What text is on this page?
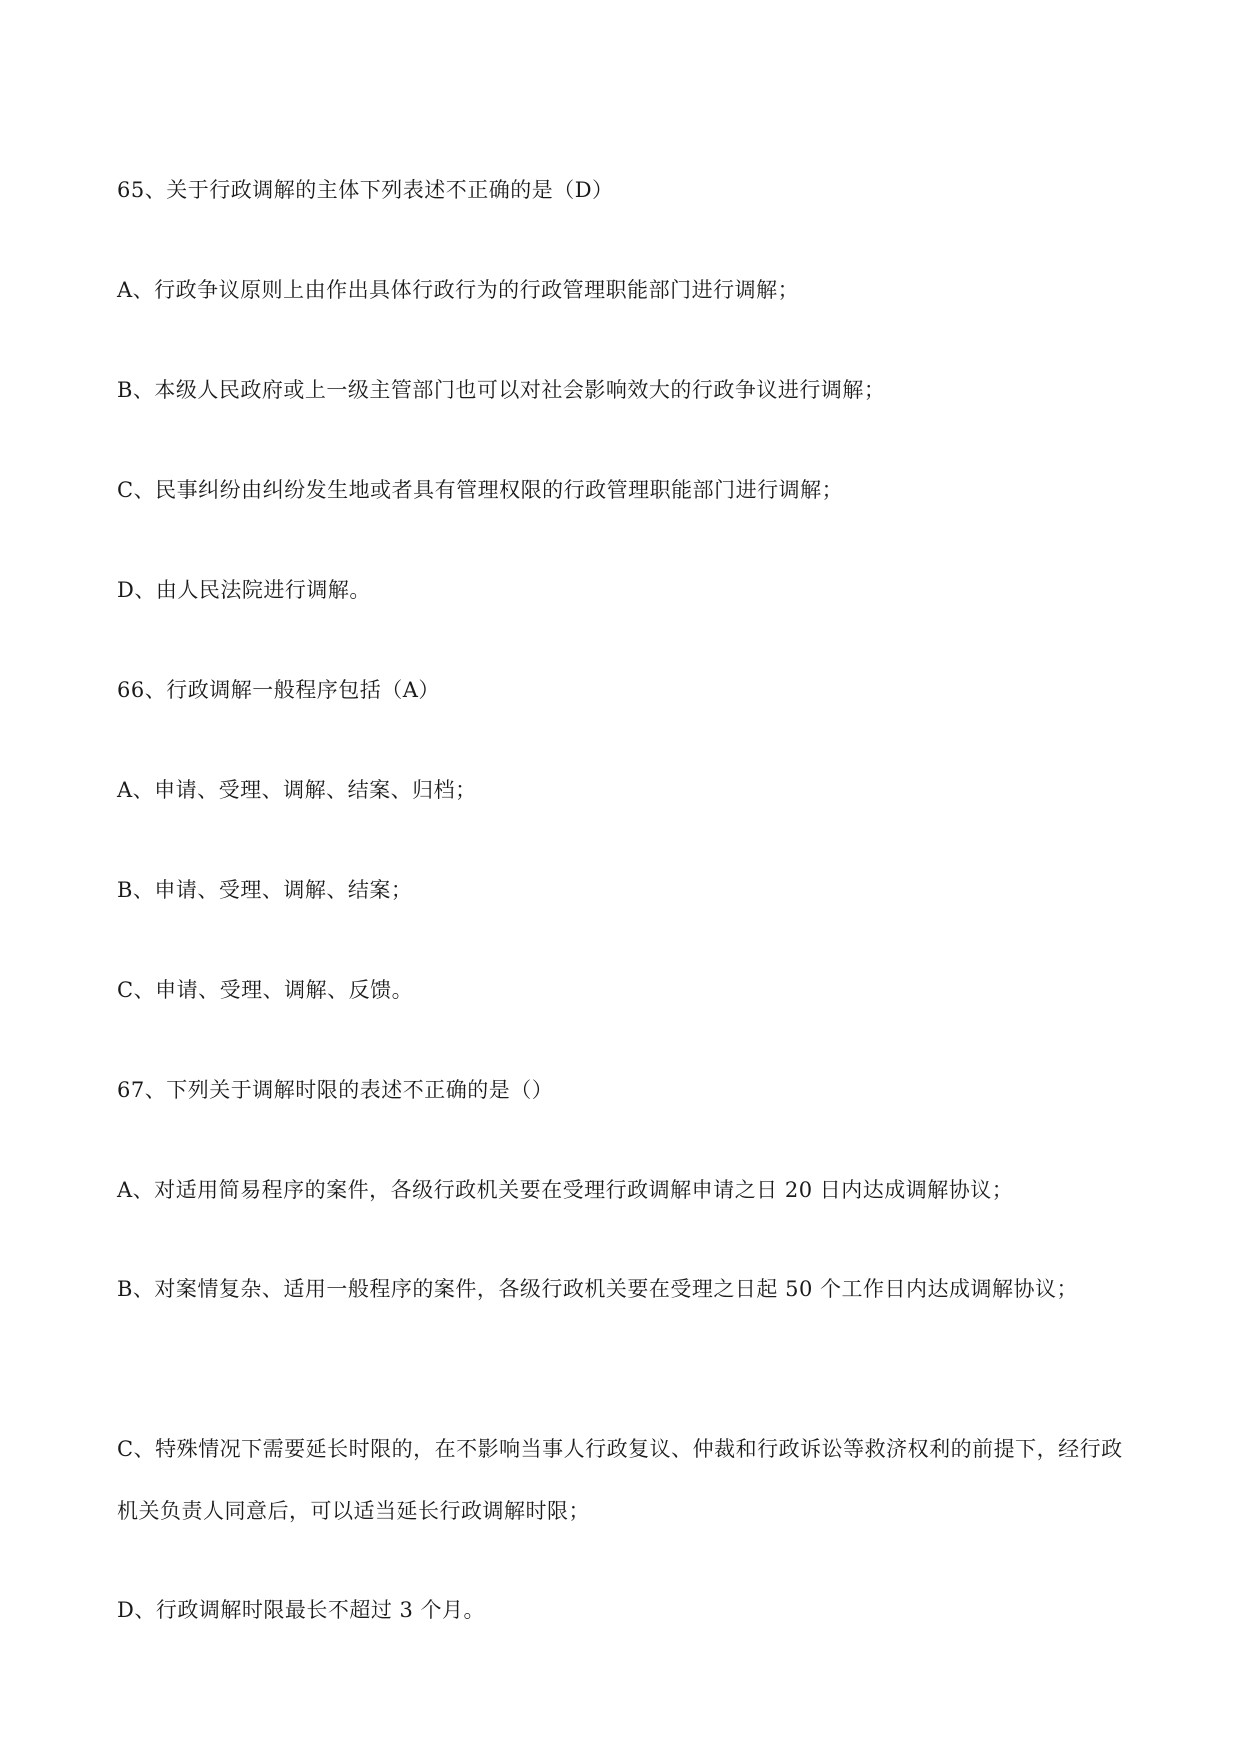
65、关于行政调解的主体下列表述不正确的是（D）
A、行政争议原则上由作出具体行政行为的行政管理职能部门进行调解；
B、本级人民政府或上一级主管部门也可以对社会影响效大的行政争议进行调解；
C、民事纠纷由纠纷发生地或者具有管理权限的行政管理职能部门进行调解；
D、由人民法院进行调解。
66、行政调解一般程序包括（A）
A、申请、受理、调解、结案、归档；
B、申请、受理、调解、结案；
C、申请、受理、调解、反馈。
67、下列关于调解时限的表述不正确的是（）
A、对适用简易程序的案件，各级行政机关要在受理行政调解申请之日 20 日内达成调解协议；
B、对案情复杂、适用一般程序的案件，各级行政机关要在受理之日起 50 个工作日内达成调解协议；
C、特殊情况下需要延长时限的，在不影响当事人行政复议、仲裁和行政诉讼等救济权利的前提下，经行政机关负责人同意后，可以适当延长行政调解时限；
D、行政调解时限最长不超过 3 个月。
